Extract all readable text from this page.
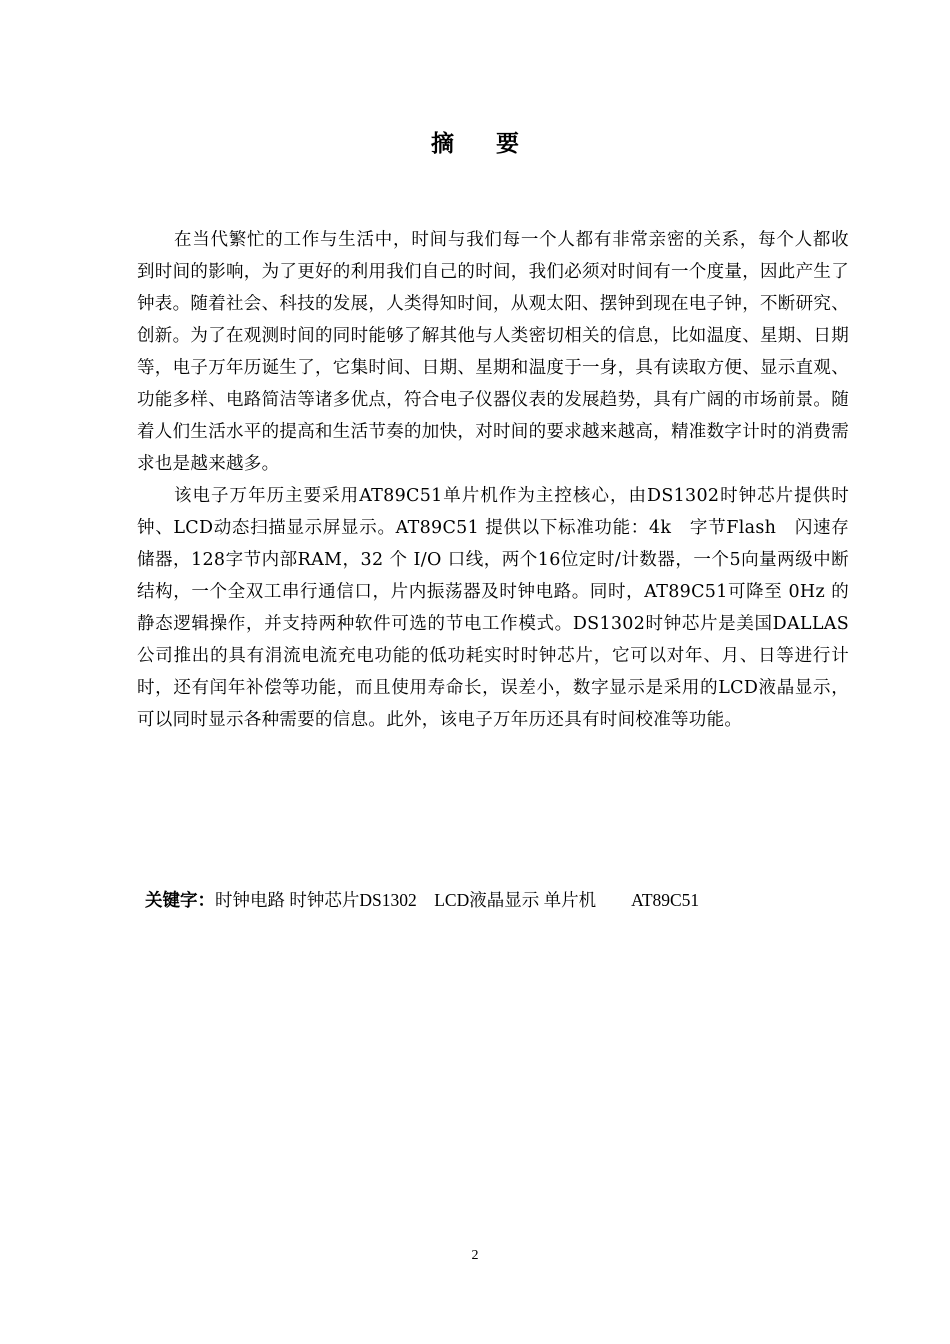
摘要

在当代繁忙的工作与生活中，时间与我们每一个人都有非常亲密的关系，每个人都收到时间的影响，为了更好的利用我们自己的时间，我们必须对时间有一个度量，因此产生了钟表。随着社会、科技的发展，人类得知时间，从观太阳、摆钟到现在电子钟，不断研究、创新。为了在观测时间的同时能够了解其他与人类密切相关的信息，比如温度、星期、日期等，电子万年历诞生了，它集时间、日期、星期和温度于一身，具有读取方便、显示直观、功能多样、电路简洁等诸多优点，符合电子仪器仪表的发展趋势，具有广阔的市场前景。随着人们生活水平的提高和生活节奏的加快，对时间的要求越来越高，精准数字计时的消费需求也是越来越多。

该电子万年历主要采用AT89C51单片机作为主控核心，由DS1302时钟芯片提供时钟、LCD动态扫描显示屏显示。AT89C51 提供以下标准功能：4k　字节Flash　闪速存储器，128字节内部RAM，32 个 I/O 口线，两个16位定时/计数器，一个5向量两级中断结构，一个全双工串行通信口，片内振荡器及时钟电路。同时，AT89C51可降至 0Hz 的静态逻辑操作，并支持两种软件可选的节电工作模式。DS1302时钟芯片是美国DALLAS公司推出的具有涓流电流充电功能的低功耗实时时钟芯片，它可以对年、月、日等进行计时，还有闰年补偿等功能，而且使用寿命长，误差小，数字显示是采用的LCD液晶显示，可以同时显示各种需要的信息。此外，该电子万年历还具有时间校准等功能。

关键字：时钟电路 时钟芯片DS1302　LCD液晶显示 单片机　　AT89C51
2
